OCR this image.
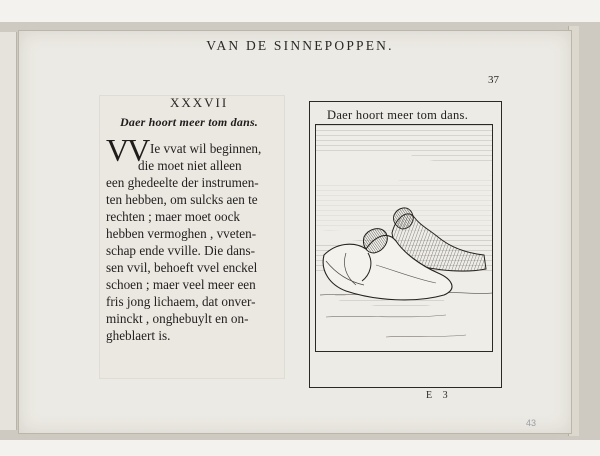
VAN DE SINNEPOPPEN.
37
XXXVII
Daer hoort meer tom dans.
VV Ie vvat wil beginnen,
die moet niet alleen
een ghedeelte der instrumen-
ten hebben, om sulcks aen te
rechten ; maer moet oock
hebben vermoghen , vveten-
schap ende vville. Die dans-
sen vvil, behoeft vvel enckel
schoen ; maer veel meer een
fris jong lichaem, dat onver-
minckt , onghebuylt en on-
gheblaert is.
Daer hoort meer tom dans.
E 3
43
